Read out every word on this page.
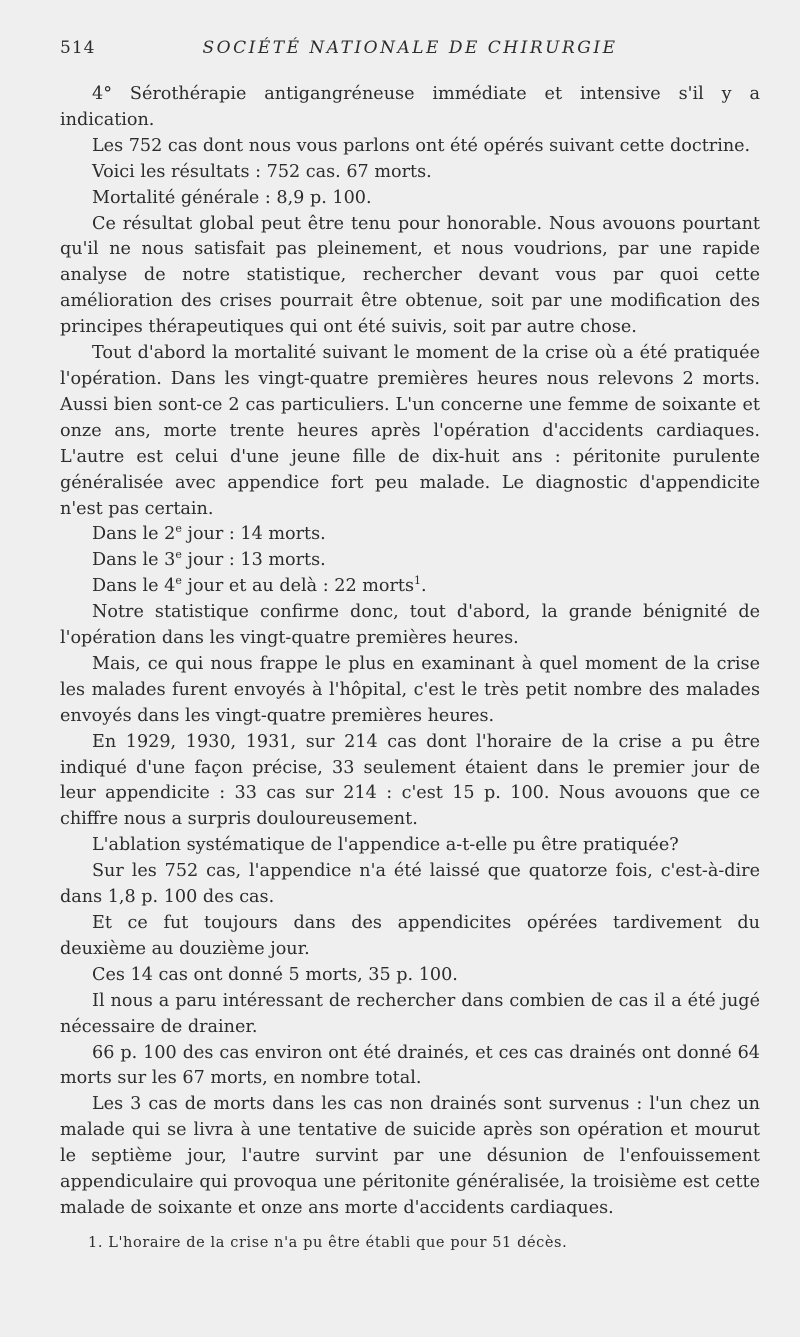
514	SOCIÉTÉ NATIONALE DE CHIRURGIE

4° Sérothérapie antigangréneuse immédiate et intensive s'il y a indication.

Les 752 cas dont nous vous parlons ont été opérés suivant cette doctrine.

Voici les résultats : 752 cas. 67 morts.

Mortalité générale : 8,9 p. 100.

Ce résultat global peut être tenu pour honorable. Nous avouons pourtant qu'il ne nous satisfait pas pleinement, et nous voudrions, par une rapide analyse de notre statistique, rechercher devant vous par quoi cette amélioration des crises pourrait être obtenue, soit par une modification des principes thérapeutiques qui ont été suivis, soit par autre chose.

Tout d'abord la mortalité suivant le moment de la crise où a été pratiquée l'opération. Dans les vingt-quatre premières heures nous relevons 2 morts. Aussi bien sont-ce 2 cas particuliers. L'un concerne une femme de soixante et onze ans, morte trente heures après l'opération d'accidents cardiaques. L'autre est celui d'une jeune fille de dix-huit ans : péritonite purulente généralisée avec appendice fort peu malade. Le diagnostic d'appendicite n'est pas certain.

Dans le 2e jour : 14 morts.

Dans le 3e jour : 13 morts.

Dans le 4e jour et au delà : 22 morts$^1$.

Notre statistique confirme donc, tout d'abord, la grande bénignité de l'opération dans les vingt-quatre premières heures.

Mais, ce qui nous frappe le plus en examinant à quel moment de la crise les malades furent envoyés à l'hôpital, c'est le très petit nombre des malades envoyés dans les vingt-quatre premières heures.

En 1929, 1930, 1931, sur 214 cas dont l'horaire de la crise a pu être indiqué d'une façon précise, 33 seulement étaient dans le premier jour de leur appendicite : 33 cas sur 214 : c'est 15 p. 100. Nous avouons que ce chiffre nous a surpris douloureusement.

L'ablation systématique de l'appendice a-t-elle pu être pratiquée?

Sur les 752 cas, l'appendice n'a été laissé que quatorze fois, c'est-à-dire dans 1,8 p. 100 des cas.

Et ce fut toujours dans des appendicites opérées tardivement du deuxième au douzième jour.

Ces 14 cas ont donné 5 morts, 35 p. 100.

Il nous a paru intéressant de rechercher dans combien de cas il a été jugé nécessaire de drainer.

66 p. 100 des cas environ ont été drainés, et ces cas drainés ont donné 64 morts sur les 67 morts, en nombre total.

Les 3 cas de morts dans les cas non drainés sont survenus : l'un chez un malade qui se livra à une tentative de suicide après son opération et mourut le septième jour, l'autre survint par une désunion de l'enfouissement appendiculaire qui provoqua une péritonite généralisée, la troisième est cette malade de soixante et onze ans morte d'accidents cardiaques.

1. L'horaire de la crise n'a pu être établi que pour 51 décès.
